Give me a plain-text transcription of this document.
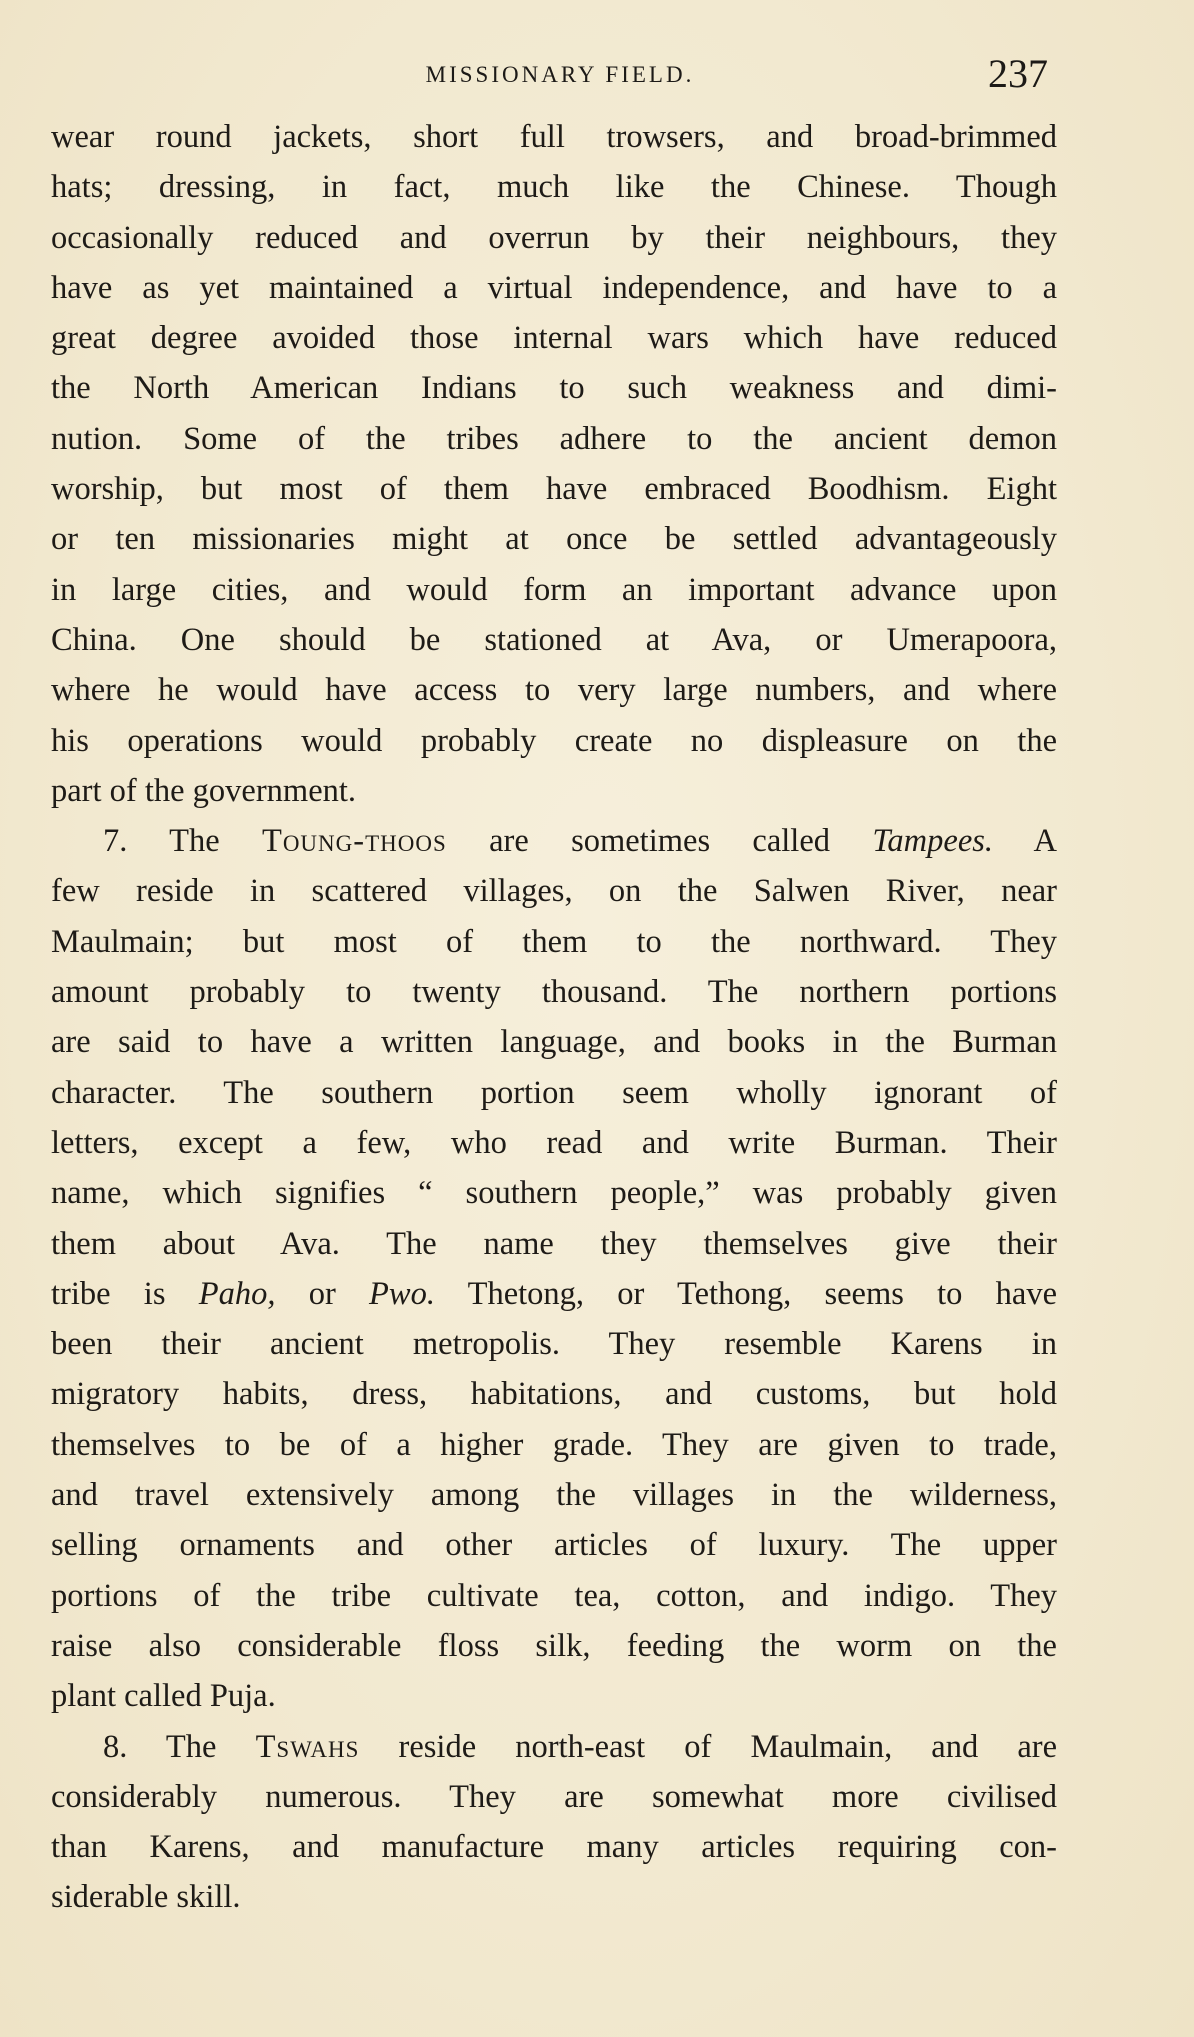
MISSIONARY FIELD.	237
wear round jackets, short full trowsers, and broad-brimmed
hats; dressing, in fact, much like the Chinese. Though
occasionally reduced and overrun by their neighbours, they
have as yet maintained a virtual independence, and have to a
great degree avoided those internal wars which have reduced
the North American Indians to such weakness and dimi-
nution. Some of the tribes adhere to the ancient demon
worship, but most of them have embraced Boodhism. Eight
or ten missionaries might at once be settled advantageously
in large cities, and would form an important advance upon
China. One should be stationed at Ava, or Umerapoora,
where he would have access to very large numbers, and where
his operations would probably create no displeasure on the
part of the government.
7. The Toung-thoos are sometimes called Tampees. A
few reside in scattered villages, on the Salwen River, near
Maulmain; but most of them to the northward. They
amount probably to twenty thousand. The northern portions
are said to have a written language, and books in the Burman
character. The southern portion seem wholly ignorant of
letters, except a few, who read and write Burman. Their
name, which signifies “ southern people,” was probably given
them about Ava. The name they themselves give their
tribe is Paho, or Pwo. Thetong, or Tethong, seems to have
been their ancient metropolis. They resemble Karens in
migratory habits, dress, habitations, and customs, but hold
themselves to be of a higher grade. They are given to trade,
and travel extensively among the villages in the wilderness,
selling ornaments and other articles of luxury. The upper
portions of the tribe cultivate tea, cotton, and indigo. They
raise also considerable floss silk, feeding the worm on the
plant called Puja.
8. The Tswahs reside north-east of Maulmain, and are
considerably numerous. They are somewhat more civilised
than Karens, and manufacture many articles requiring con-
siderable skill.
